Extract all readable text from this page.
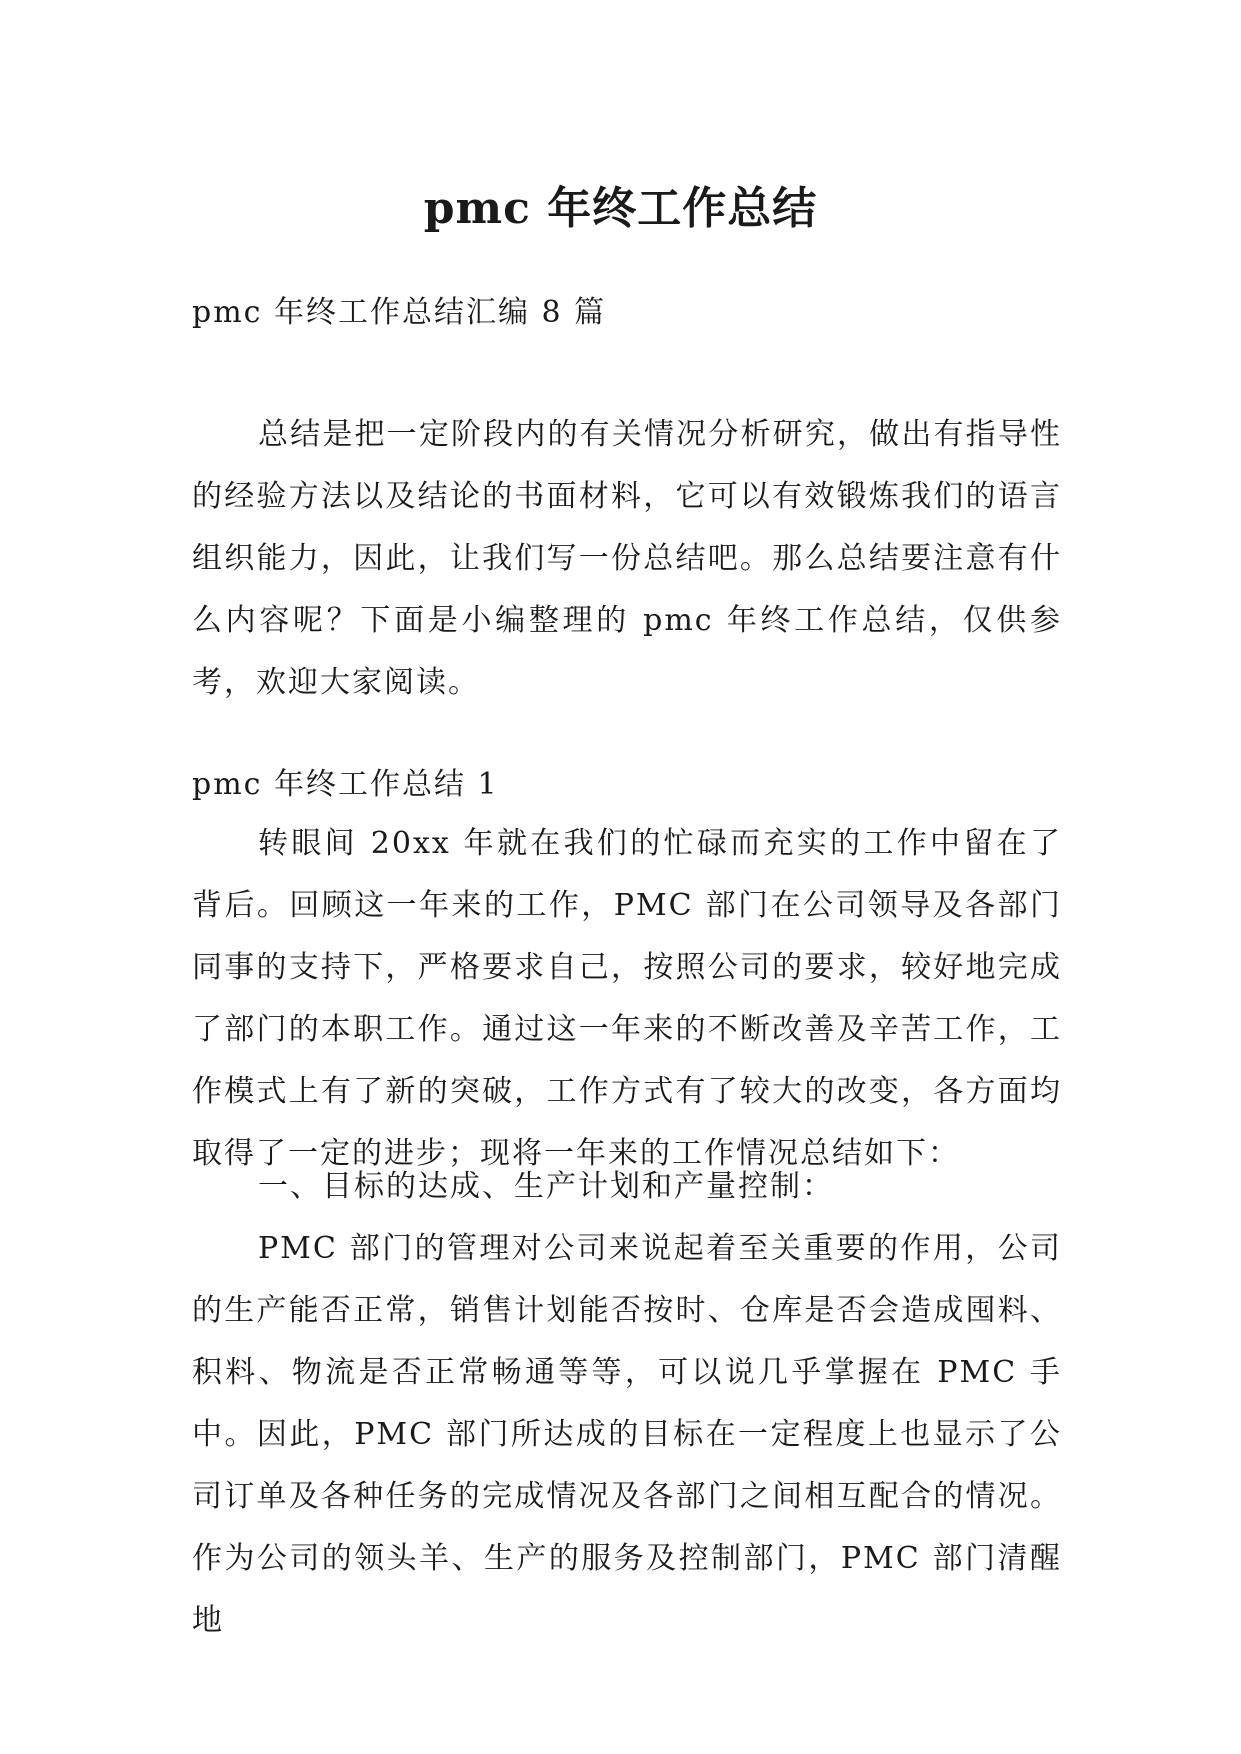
pmc 年终工作总结

pmc 年终工作总结汇编 8 篇

总结是把一定阶段内的有关情况分析研究，做出有指导性的经验方法以及结论的书面材料，它可以有效锻炼我们的语言组织能力，因此，让我们写一份总结吧。那么总结要注意有什么内容呢？下面是小编整理的 pmc 年终工作总结，仅供参考，欢迎大家阅读。

pmc 年终工作总结 1

转眼间 20xx 年就在我们的忙碌而充实的工作中留在了背后。回顾这一年来的工作，PMC 部门在公司领导及各部门同事的支持下，严格要求自己，按照公司的要求，较好地完成了部门的本职工作。通过这一年来的不断改善及辛苦工作，工作模式上有了新的突破，工作方式有了较大的改变，各方面均取得了一定的进步；现将一年来的工作情况总结如下：

一、目标的达成、生产计划和产量控制：

PMC 部门的管理对公司来说起着至关重要的作用，公司的生产能否正常，销售计划能否按时、仓库是否会造成囤料、积料、物流是否正常畅通等等，可以说几乎掌握在 PMC 手中。因此，PMC 部门所达成的目标在一定程度上也显示了公司订单及各种任务的完成情况及各部门之间相互配合的情况。作为公司的领头羊、生产的服务及控制部门，PMC 部门清醒地
